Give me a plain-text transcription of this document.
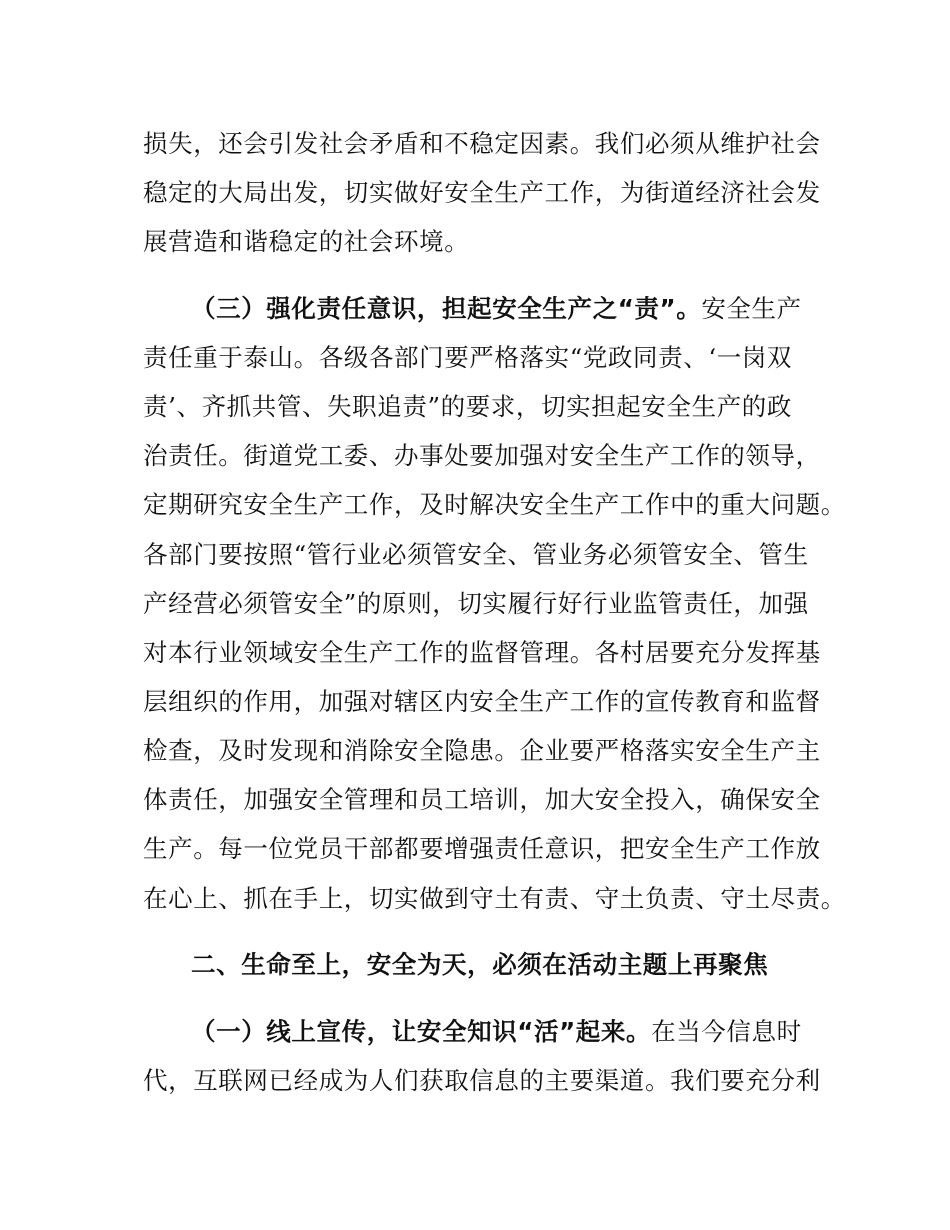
损失，还会引发社会矛盾和不稳定因素。我们必须从维护社会
稳定的大局出发，切实做好安全生产工作，为街道经济社会发
展营造和谐稳定的社会环境。
（三）强化责任意识，担起安全生产之“责”。安全生产
责任重于泰山。各级各部门要严格落实“党政同责、‘一岗双
责’、齐抓共管、失职追责”的要求，切实担起安全生产的政
治责任。街道党工委、办事处要加强对安全生产工作的领导，
定期研究安全生产工作，及时解决安全生产工作中的重大问题。
各部门要按照“管行业必须管安全、管业务必须管安全、管生
产经营必须管安全”的原则，切实履行好行业监管责任，加强
对本行业领域安全生产工作的监督管理。各村居要充分发挥基
层组织的作用，加强对辖区内安全生产工作的宣传教育和监督
检查，及时发现和消除安全隐患。企业要严格落实安全生产主
体责任，加强安全管理和员工培训，加大安全投入，确保安全
生产。每一位党员干部都要增强责任意识，把安全生产工作放
在心上、抓在手上，切实做到守土有责、守土负责、守土尽责。
二、生命至上，安全为天，必须在活动主题上再聚焦
（一）线上宣传，让安全知识“活”起来。在当今信息时
代，互联网已经成为人们获取信息的主要渠道。我们要充分利
